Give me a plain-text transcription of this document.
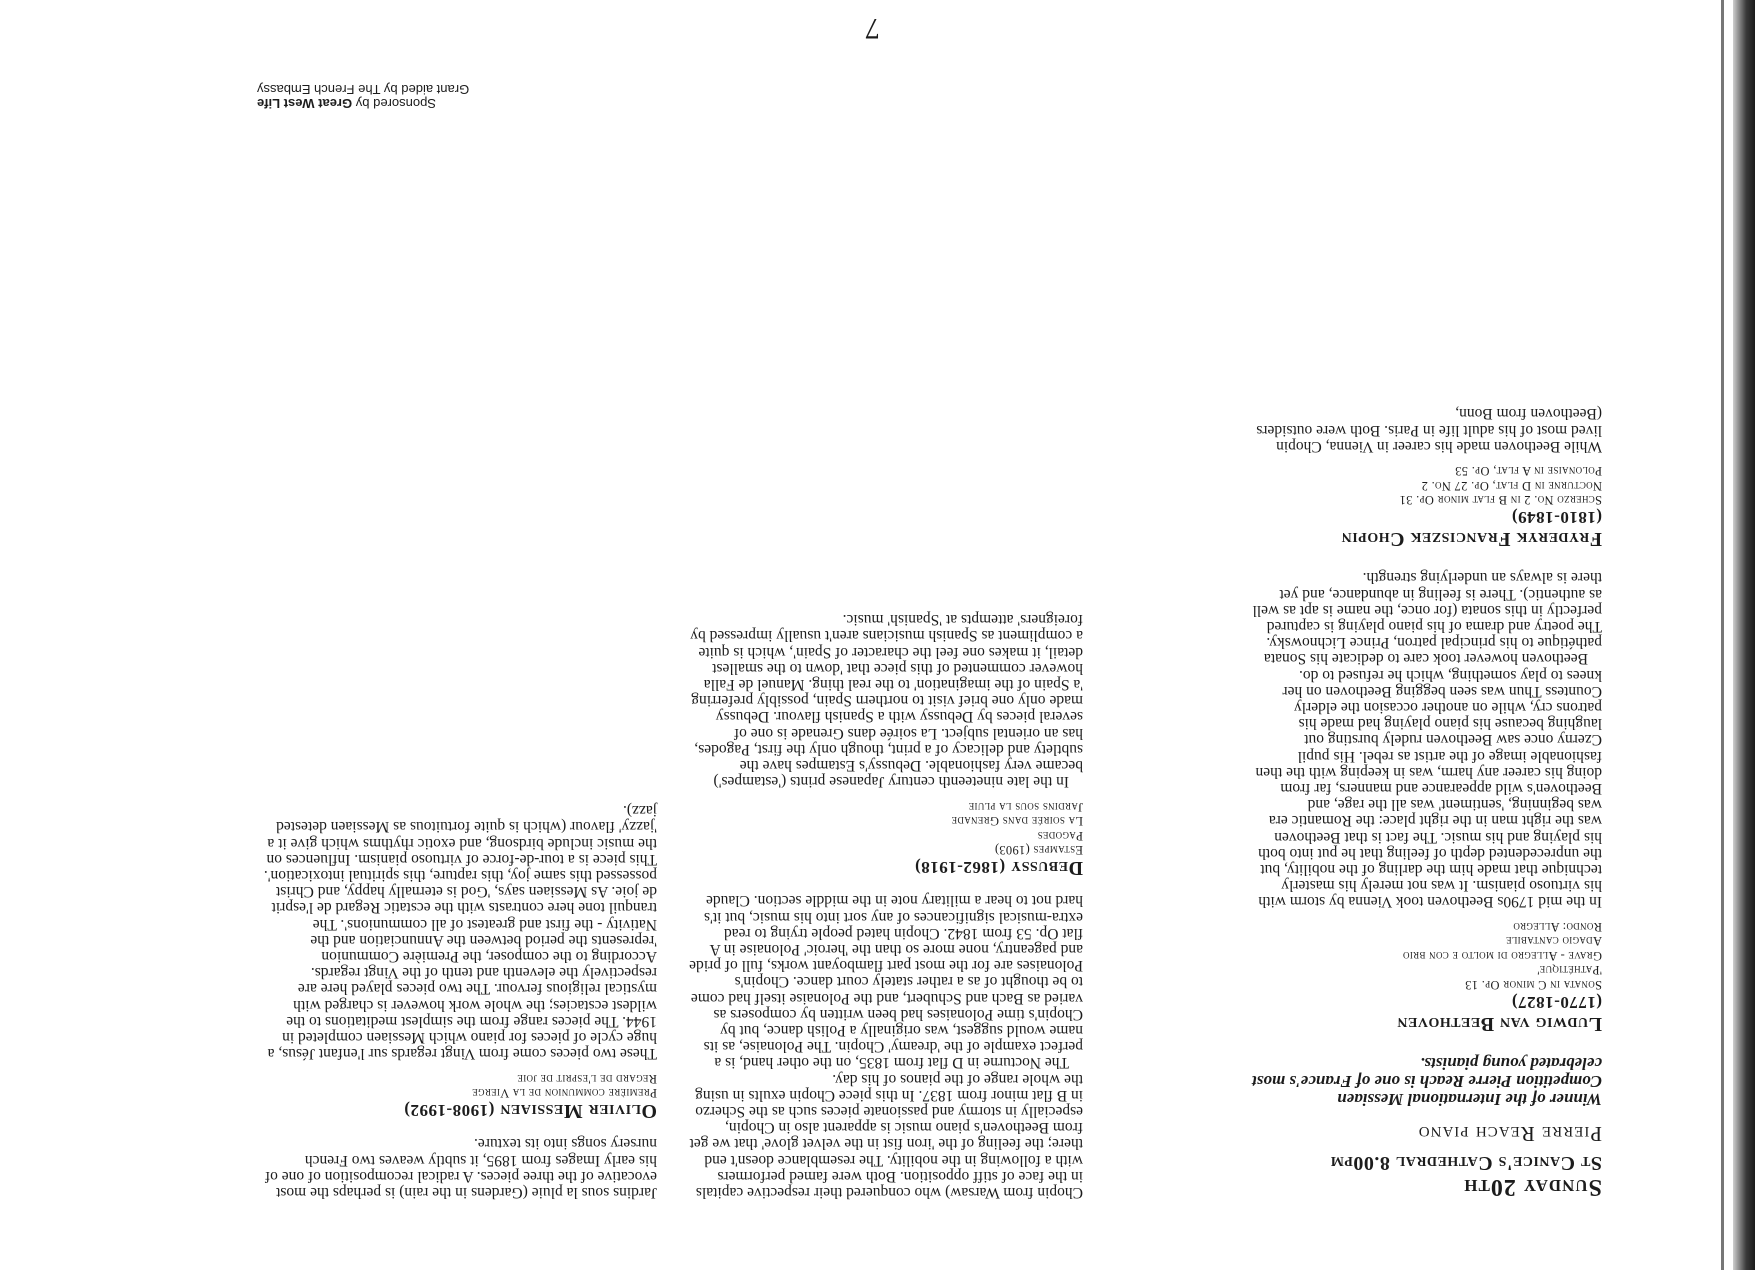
Sunday 20th
St Canice's Cathedral 8.00pm
Pierre Reach piano
Winner of the International Messiaen Competition Pierre Reach is one of France's most celebrated young pianists.
Ludwig van Beethoven
(1770-1827)
Sonata in C minor Op. 13
'Pathétique'
Grave - Allegro di molto e con brio
Adagio cantabile
Rondo: Allegro

In the mid 1790s Beethoven took Vienna by storm with his virtuoso pianism. It was not merely his masterly technique that made him the darling of the nobility, but the unprecedented depth of feeling that he put into both his playing and his music. The fact is that Beethoven was the right man in the right place: the Romantic era was beginning, 'sentiment' was all the rage, and Beethoven's wild appearance and manners, far from doing his career any harm, was in keeping with the then fashionable image of the artist as rebel. His pupil Czerny once saw Beethoven rudely bursting out laughing because his piano playing had made his patrons cry, while on another occasion the elderly Countess Thun was seen begging Beethoven on her knees to play something, which he refused to do.

Beethoven however took care to dedicate his Sonata pathétique to his principal patron, Prince Lichnowsky. The poetry and drama of his piano playing is captured perfectly in this sonata (for once, the name is apt as well as authentic). There is feeling in abundance, and yet there is always an underlying strength.

Fryderyk Franciszek Chopin
(1810-1849)
Scherzo No. 2 in B flat minor Op. 31
Nocturne in D flat, Op. 27 No. 2
Polonaise in A flat, Op. 53

While Beethoven made his career in Vienna, Chopin lived most of his adult life in Paris. Both were outsiders (Beethoven from Bonn,

Chopin from Warsaw) who conquered their respective capitals in the face of stiff opposition. Both were famed performers with a following in the nobility. The resemblance doesn't end there; the feeling of the 'iron fist in the velvet glove' that we get from Beethoven's piano music is apparent also in Chopin, especially in stormy and passionate pieces such as the Scherzo in B flat minor from 1837. In this piece Chopin exults in using the whole range of the pianos of his day.

The Nocturne in D flat from 1835, on the other hand, is a perfect example of the 'dreamy' Chopin. The Polonaise, as its name would suggest, was originally a Polish dance, but by Chopin's time Polonaises had been written by composers as varied as Bach and Schubert, and the Polonaise itself had come to be thought of as a rather stately court dance. Chopin's Polonaises are for the most part flamboyant works, full of pride and pageantry, none more so than the 'heroic' Polonaise in A flat Op. 53 from 1842. Chopin hated people trying to read extra-musical significances of any sort into his music, but it's hard not to hear a military note in the middle section. Claude

Debussy (1862-1918)
Estampes (1903)
Pagodes
La soirée dans Grenade
Jardins sous la pluie

In the late nineteenth century Japanese prints ('estampes') became very fashionable. Debussy's Estampes have the subtlety and delicacy of a print, though only the first, Pagodes, has an oriental subject. La soirée dans Grenade is one of several pieces by Debussy with a Spanish flavour. Debussy made only one brief visit to northern Spain, possibly preferring 'a Spain of the imagination' to the real thing. Manuel de Falla however commented of this piece that 'down to the smallest detail, it makes one feel the character of Spain', which is quite a compliment as Spanish musicians aren't usually impressed by foreigners' attempts at 'Spanish' music.

Jardins sous la pluie (Gardens in the rain) is perhaps the most evocative of the three pieces. A radical recomposition of one of his early Images from 1895, it subtly weaves two French nursery songs into its texture.

Olivier Messiaen (1908-1992)
Première communion de la Vierge
Regard de l'esprit de joie

These two pieces come from Vingt regards sur l'enfant Jésus, a huge cycle of pieces for piano which Messiaen completed in 1944. The pieces range from the simplest meditations to the wildest ecstacies; the whole work however is charged with mystical religious fervour. The two pieces played here are respectively the eleventh and tenth of the Vingt regards. According to the composer, the Première Communion 'represents the period between the Annunciation and the Nativity - the first and greatest of all communions'. The tranquil tone here contrasts with the ecstatic Regard de l'esprit de joie. As Messiaen says, 'God is eternally happy, and Christ possessed this same joy, this rapture, this spiritual intoxication'. This piece is a tour-de-force of virtuoso pianism. Influences on the music include birdsong, and exotic rhythms which give it a 'jazzy' flavour (which is quite fortuitous as Messiaen detested jazz).

Sponsored by Great West Life
Grant aided by The French Embassy
7
